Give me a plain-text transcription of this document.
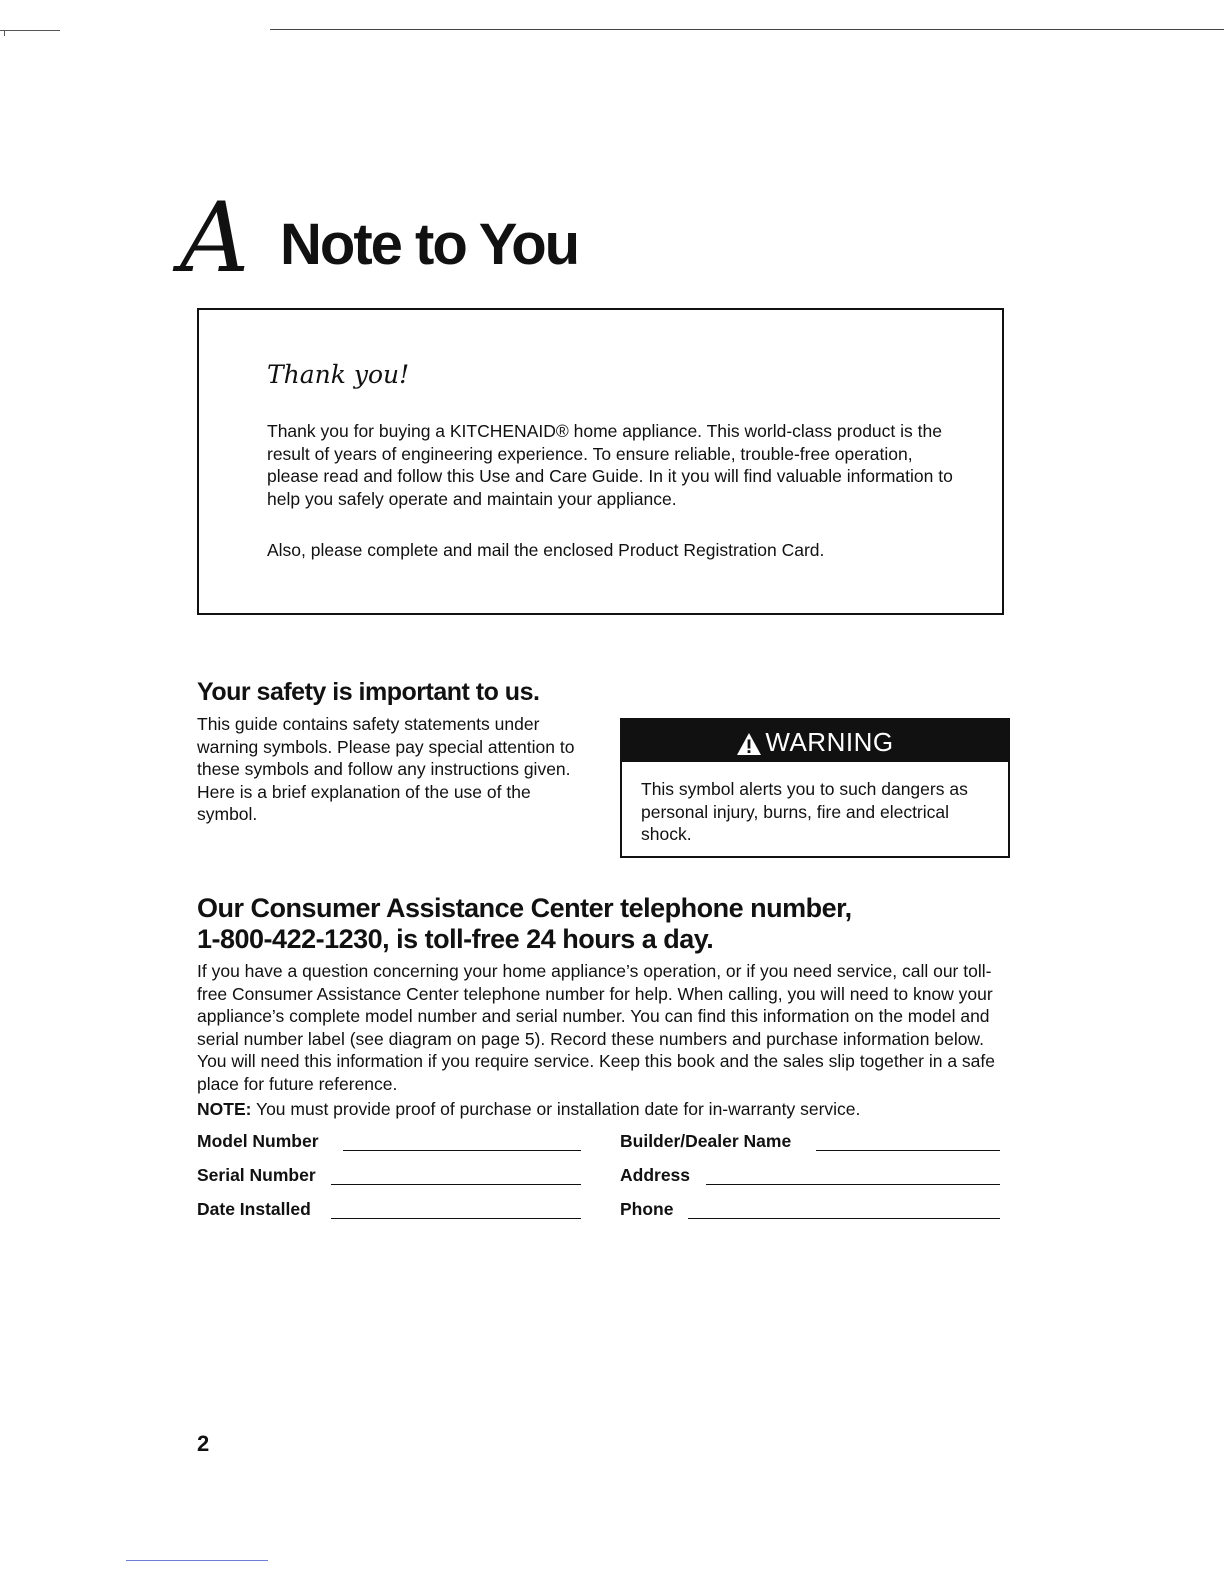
A Note to You
Thank you!

Thank you for buying a KITCHENAID® home appliance. This world-class product is the result of years of engineering experience. To ensure reliable, trouble-free operation, please read and follow this Use and Care Guide. In it you will find valuable information to help you safely operate and maintain your appliance.

Also, please complete and mail the enclosed Product Registration Card.

Your safety is important to us.

This guide contains safety statements under warning symbols. Please pay special attention to these symbols and follow any instructions given. Here is a brief explanation of the use of the symbol.

WARNING

This symbol alerts you to such dangers as personal injury, burns, fire and electrical shock.

Our Consumer Assistance Center telephone number,
1-800-422-1230, is toll-free 24 hours a day.

If you have a question concerning your home appliance’s operation, or if you need service, call our toll-free Consumer Assistance Center telephone number for help. When calling, you will need to know your appliance’s complete model number and serial number. You can find this information on the model and serial number label (see diagram on page 5). Record these numbers and purchase information below. You will need this information if you require service. Keep this book and the sales slip together in a safe place for future reference.

NOTE: You must provide proof of purchase or installation date for in-warranty service.

Model Number
Serial Number
Date Installed
Builder/Dealer Name
Address
Phone
2
